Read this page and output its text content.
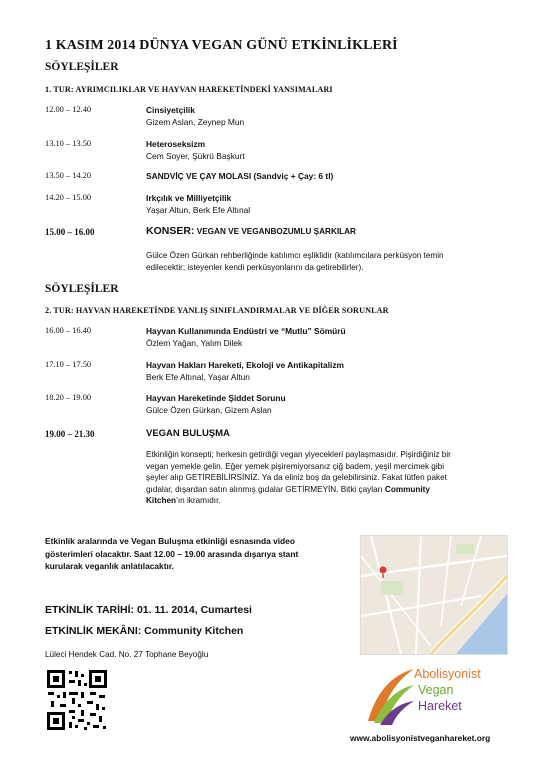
1 KASIM 2014 DÜNYA VEGAN GÜNÜ ETKİNLİKLERİ
SÖYLEŞİLER
1. TUR: AYRIMCILIKLAR VE HAYVAN HAREKETİNDEKİ YANSIMALARI
12.00 – 12.40	Cinsiyetçilik
Gizem Aslan, Zeynep Mun
13.10 – 13.50	Heteroseksizm
Cem Soyer, Şükrü Başkurt
13.50 – 14.20	SANDVİÇ VE ÇAY MOLASI (Sandviç + Çay: 6 tl)
14.20 – 15.00	Irkçılık ve Milliyetçilik
Yaşar Altun, Berk Efe Altınal
15.00 – 16.00	KONSER: VEGAN VE VEGANBOZUMLU ŞARKILAR
Gülce Özen Gürkan rehberliğinde katılımcı eşliklidir (katılımcılara perküsyon temin edilecektir; isteyenler kendi perküsyonlarını da getirebilirler).
SÖYLEŞİLER
2. TUR: HAYVAN HAREKETİNDE YANLIŞ SINIFLANDIRMALAR VE DİĞER SORUNLAR
16.00 – 16.40	Hayvan Kullanımında Endüstri ve “Mutlu” Sömürü
Özlem Yağan, Yalım Dilek
17.10 – 17.50	Hayvan Hakları Hareketi, Ekoloji ve Antikapitalizm
Berk Efe Altınal, Yaşar Altun
18.20 – 19.00	Hayvan Hareketinde Şiddet Sorunu
Gülce Özen Gürkan, Gizem Aslan
19.00 – 21.30	VEGAN BULUŞMA
Etkinliğin konsepti; herkesin getirdiği vegan yiyecekleri paylaşmasıdır. Pişirdiğiniz bir vegan yemekle gelin. Eğer yemek pişiremiyorsanız çiğ badem, yeşil mercimek gibi şeyler alıp GETİREBİLİRSİNİZ. Ya da eliniz boş da gelebilirsiniz. Fakat lütfen paket gıdalar, dışardan satın alınmış gıdalar GETİRMEYİN. Bitki çayları Community Kitchen’ın ikramıdır.
Etkinlik aralarında ve Vegan Buluşma etkinliği esnasında video gösterimleri olacaktır. Saat 12.00 – 19.00 arasında dışarıya stant kurularak veganlık anlatılacaktır.
ETKİNLİK TARİHİ: 01. 11. 2014, Cumartesi
ETKİNLİK MEKÂNI: Community Kitchen
Lüleci Hendek Cad. No. 27 Tophane Beyoğlu
Abolisyonist
Vegan
Hareket
www.abolisyonistveganhareket.org
